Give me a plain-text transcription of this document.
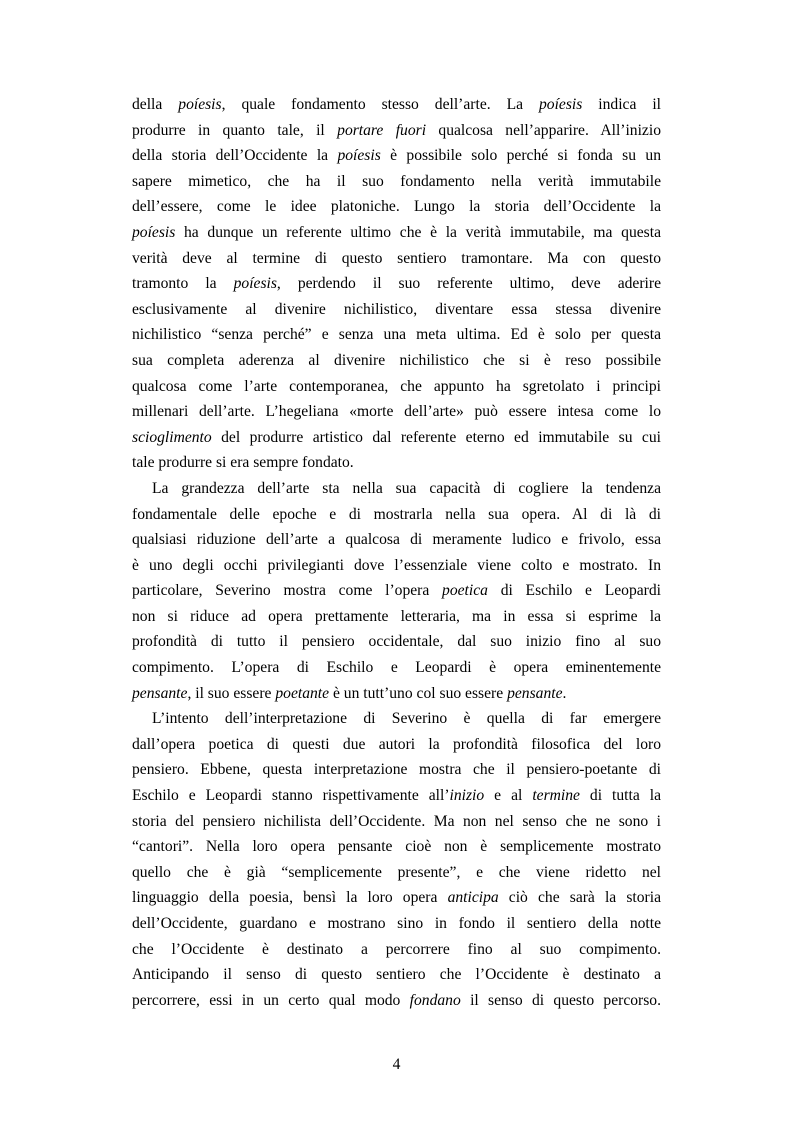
della poíesis, quale fondamento stesso dell’arte. La poíesis indica il
produrre in quanto tale, il portare fuori qualcosa nell’apparire. All’inizio
della storia dell’Occidente la poíesis è possibile solo perché si fonda su un
sapere mimetico, che ha il suo fondamento nella verità immutabile
dell’essere, come le idee platoniche. Lungo la storia dell’Occidente la
poíesis ha dunque un referente ultimo che è la verità immutabile, ma questa
verità deve al termine di questo sentiero tramontare. Ma con questo
tramonto la poíesis, perdendo il suo referente ultimo, deve aderire
esclusivamente al divenire nichilistico, diventare essa stessa divenire
nichilistico “senza perché” e senza una meta ultima. Ed è solo per questa
sua completa aderenza al divenire nichilistico che si è reso possibile
qualcosa come l’arte contemporanea, che appunto ha sgretolato i principi
millenari dell’arte. L’hegeliana «morte dell’arte» può essere intesa come lo
scioglimento del produrre artistico dal referente eterno ed immutabile su cui
tale produrre si era sempre fondato.
La grandezza dell’arte sta nella sua capacità di cogliere la tendenza
fondamentale delle epoche e di mostrarla nella sua opera. Al di là di
qualsiasi riduzione dell’arte a qualcosa di meramente ludico e frivolo, essa
è uno degli occhi privilegianti dove l’essenziale viene colto e mostrato. In
particolare, Severino mostra come l’opera poetica di Eschilo e Leopardi
non si riduce ad opera prettamente letteraria, ma in essa si esprime la
profondità di tutto il pensiero occidentale, dal suo inizio fino al suo
compimento. L’opera di Eschilo e Leopardi è opera eminentemente
pensante, il suo essere poetante è un tutt’uno col suo essere pensante.
L’intento dell’interpretazione di Severino è quella di far emergere
dall’opera poetica di questi due autori la profondità filosofica del loro
pensiero. Ebbene, questa interpretazione mostra che il pensiero-poetante di
Eschilo e Leopardi stanno rispettivamente all’inizio e al termine di tutta la
storia del pensiero nichilista dell’Occidente. Ma non nel senso che ne sono i
“cantori”. Nella loro opera pensante cioè non è semplicemente mostrato
quello che è già “semplicemente presente”, e che viene ridetto nel
linguaggio della poesia, bensì la loro opera anticipa ciò che sarà la storia
dell’Occidente, guardano e mostrano sino in fondo il sentiero della notte
che l’Occidente è destinato a percorrere fino al suo compimento.
Anticipando il senso di questo sentiero che l’Occidente è destinato a
percorrere, essi in un certo qual modo fondano il senso di questo percorso.
4
